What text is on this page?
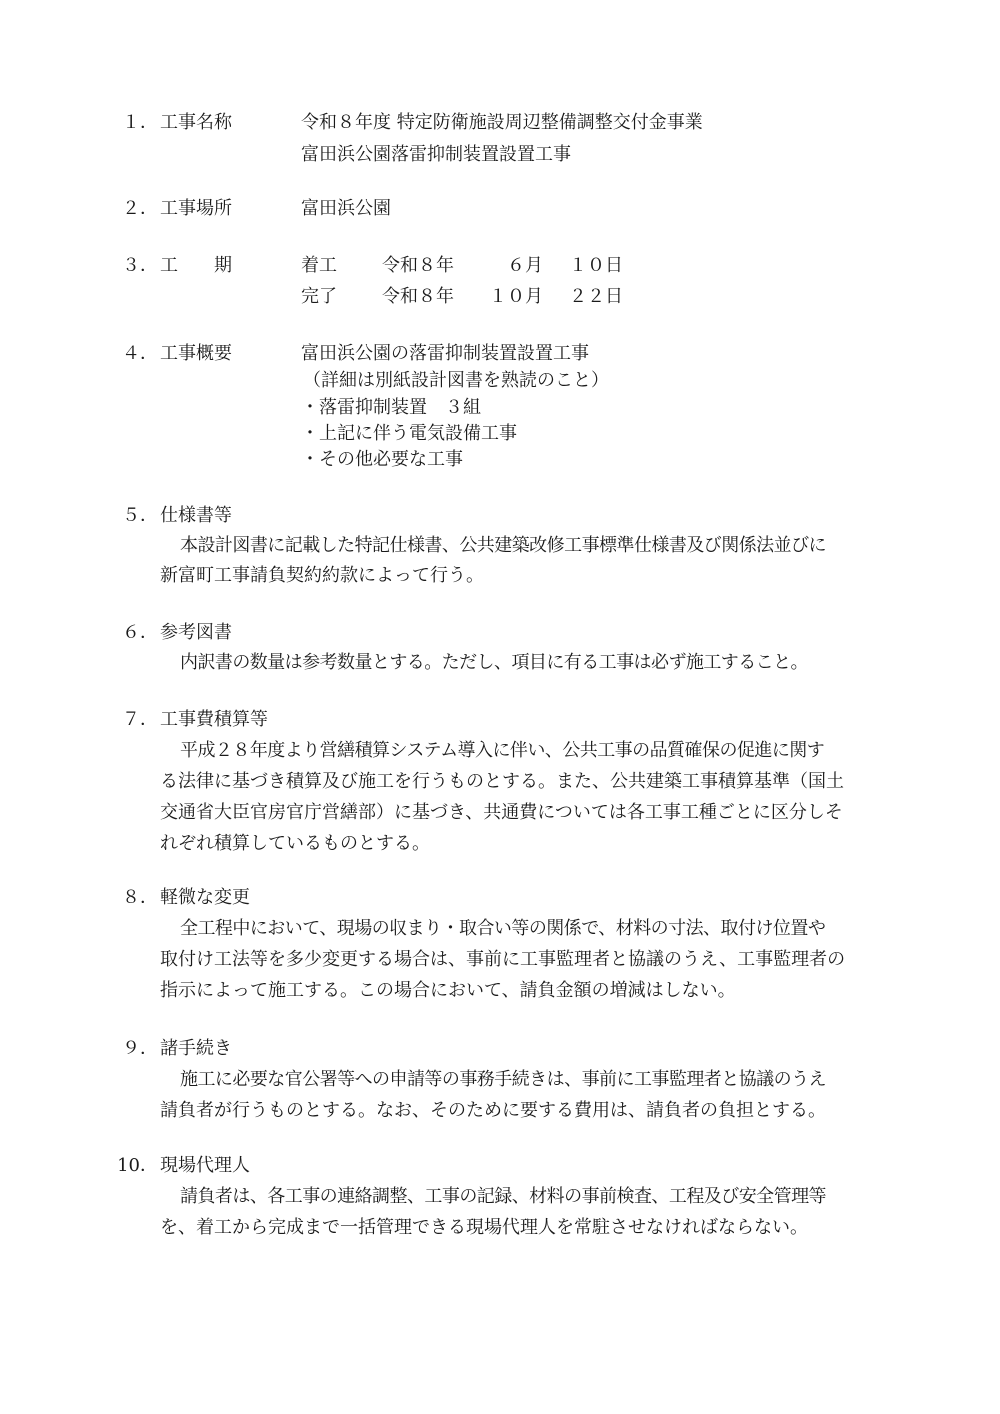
１． 工事名称	令和８年度 特定防衛施設周辺整備調整交付金事業
富田浜公園落雷抑制装置設置工事
２． 工事場所	富田浜公園
３． 工　　期	着工	令和８年	６月 １０日
完了	令和８年 １０月 ２２日
４． 工事概要	富田浜公園の落雷抑制装置設置工事
（詳細は別紙設計図書を熟読のこと）
・落雷抑制装置　３組
・上記に伴う電気設備工事
・その他必要な工事
５． 仕様書等
本設計図書に記載した特記仕様書、公共建築改修工事標準仕様書及び関係法並びに
新富町工事請負契約約款によって行う。
６． 参考図書
内訳書の数量は参考数量とする。ただし、項目に有る工事は必ず施工すること。
７． 工事費積算等
平成２８年度より営繕積算システム導入に伴い、公共工事の品質確保の促進に関す
る法律に基づき積算及び施工を行うものとする。また、公共建築工事積算基準（国土
交通省大臣官房官庁営繕部）に基づき、共通費については各工事工種ごとに区分しそ
れぞれ積算しているものとする。
８． 軽微な変更
全工程中において、現場の収まり・取合い等の関係で、材料の寸法、取付け位置や
取付け工法等を多少変更する場合は、事前に工事監理者と協議のうえ、工事監理者の
指示によって施工する。この場合において、請負金額の増減はしない。
９． 諸手続き
施工に必要な官公署等への申請等の事務手続きは、事前に工事監理者と協議のうえ
請負者が行うものとする。なお、そのために要する費用は、請負者の負担とする。
10． 現場代理人
請負者は、各工事の連絡調整、工事の記録、材料の事前検査、工程及び安全管理等
を、着工から完成まで一括管理できる現場代理人を常駐させなければならない。
